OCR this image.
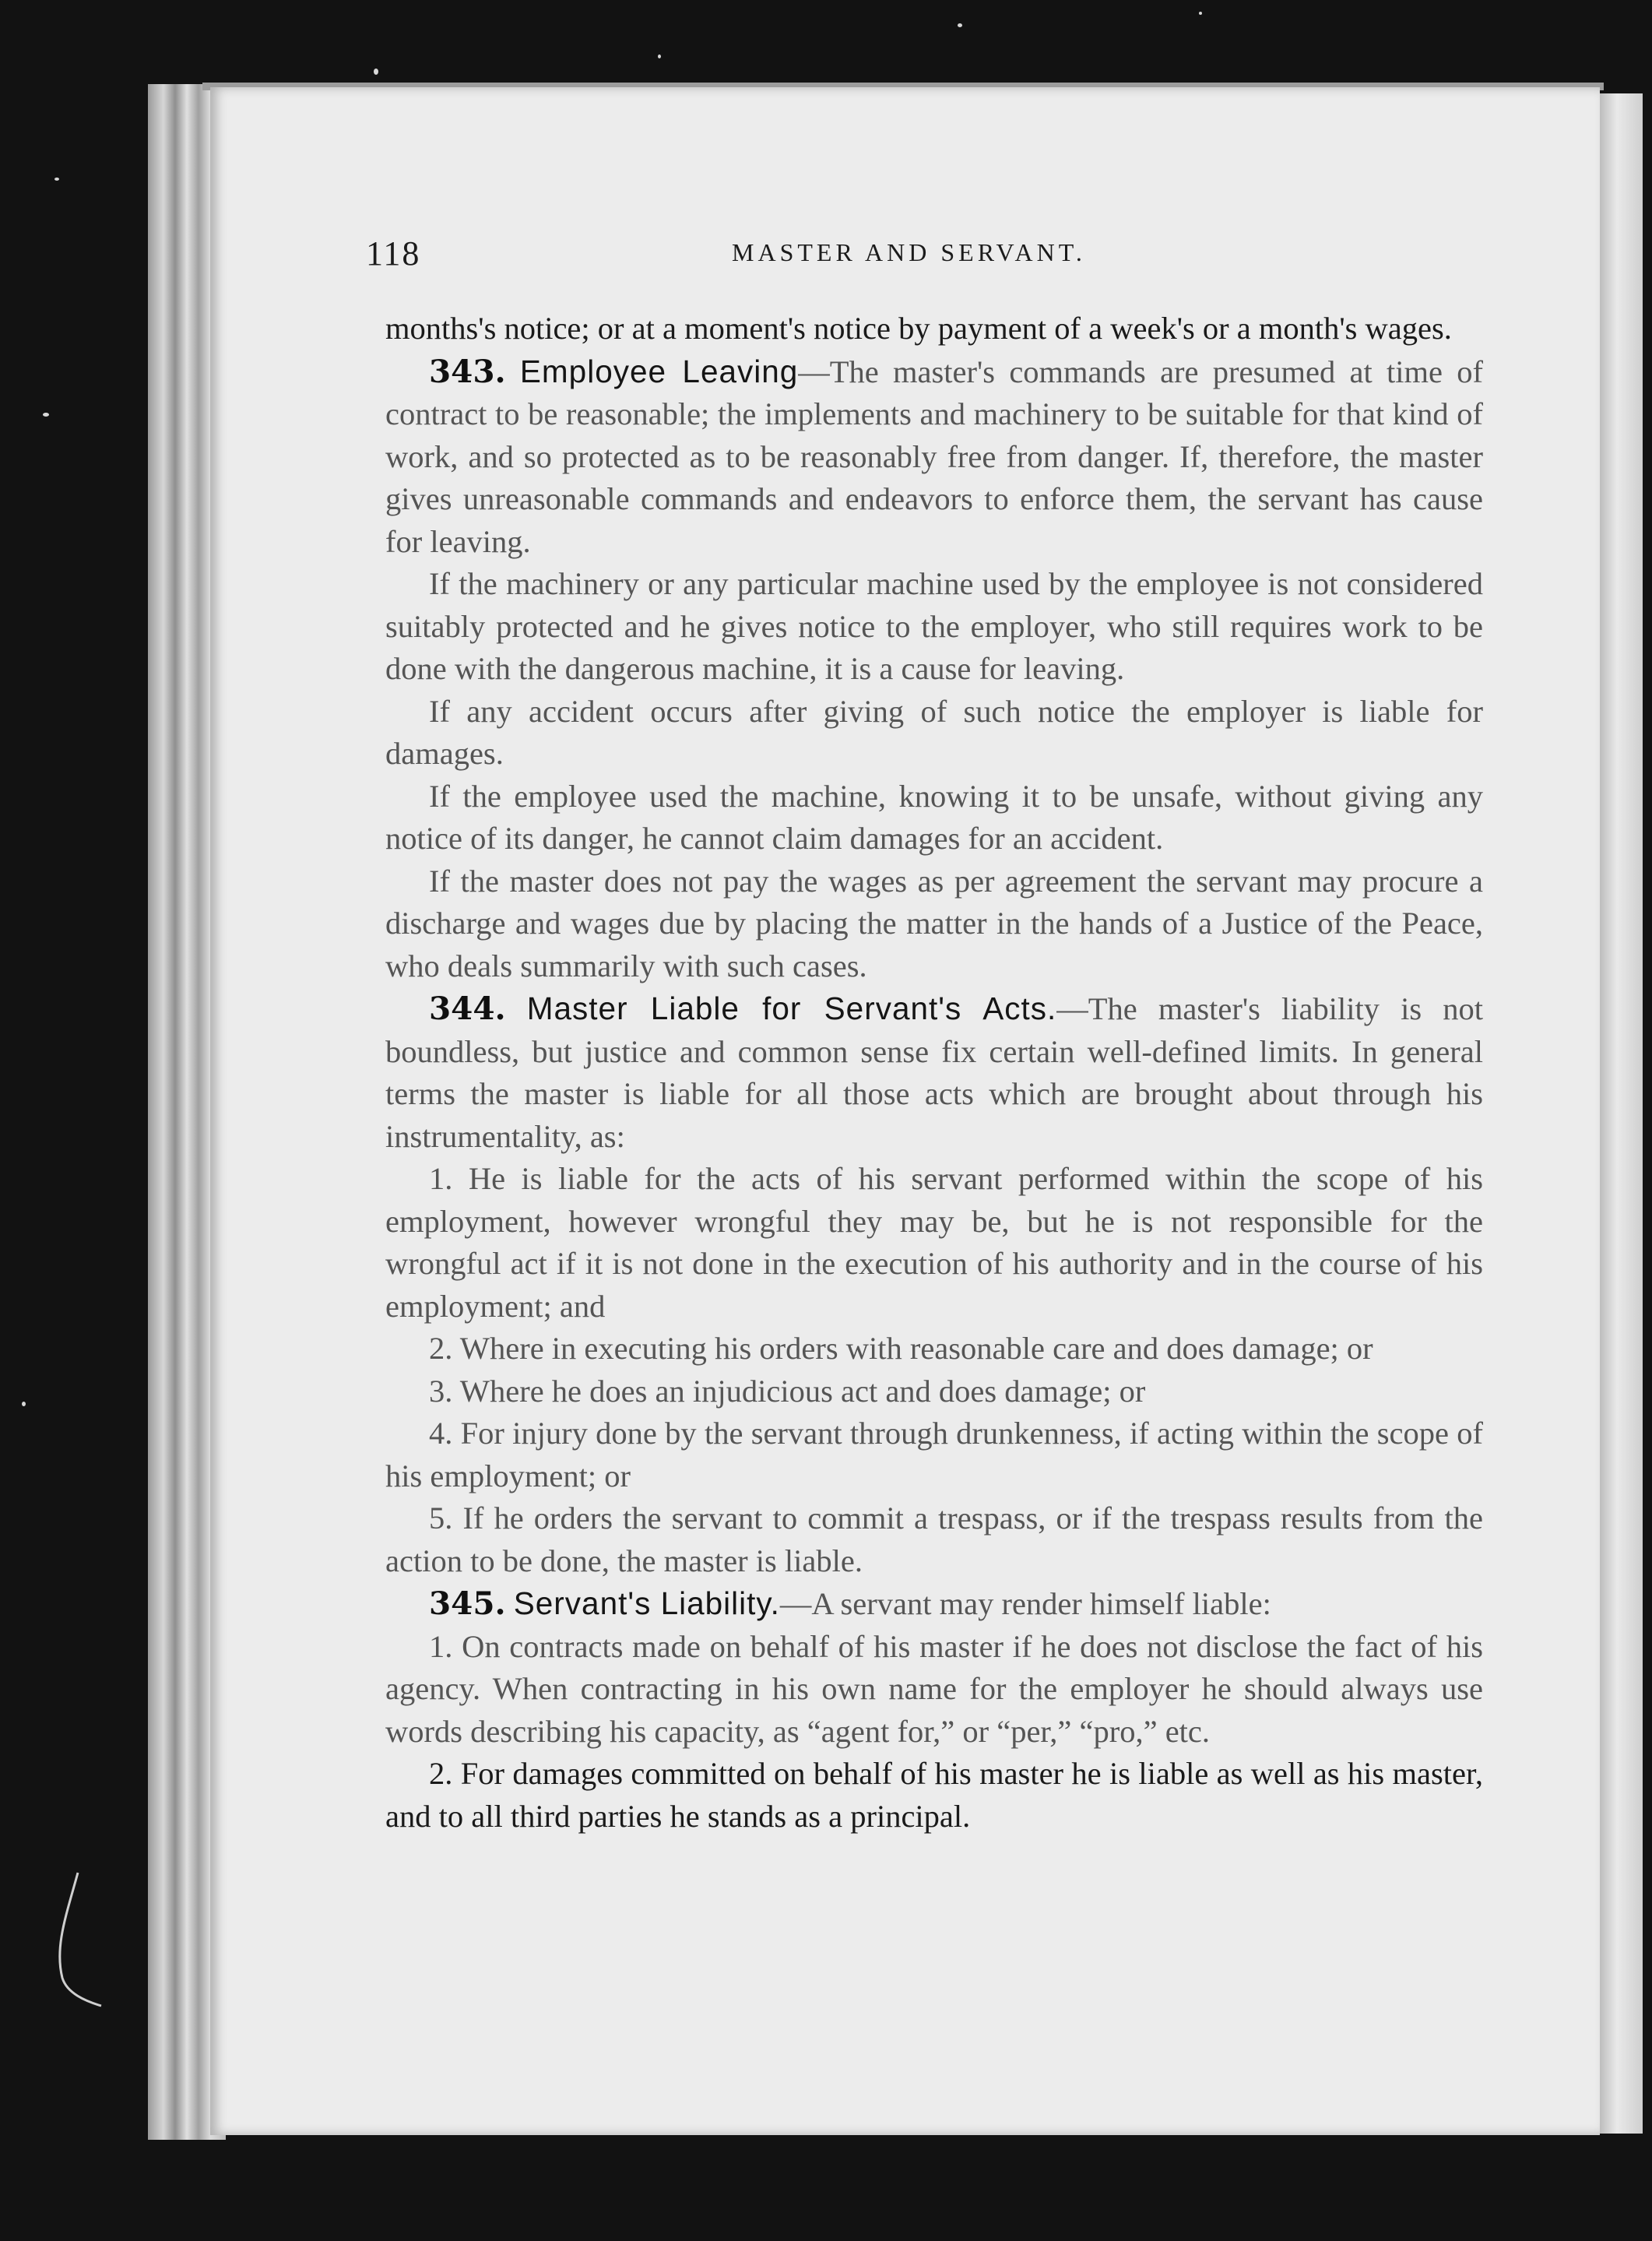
118	MASTER AND SERVANT.

months's notice; or at a moment's notice by payment of a week's or a month's wages.

343. Employee Leaving—The master's commands are presumed at time of contract to be reasonable; the implements and machinery to be suitable for that kind of work, and so protected as to be reasonably free from danger. If, therefore, the master gives unreasonable commands and endeavors to enforce them, the servant has cause for leaving.

If the machinery or any particular machine used by the employee is not considered suitably protected and he gives notice to the employer, who still requires work to be done with the dangerous machine, it is a cause for leaving.

If any accident occurs after giving of such notice the employer is liable for damages.

If the employee used the machine, knowing it to be unsafe, without giving any notice of its danger, he cannot claim damages for an accident.

If the master does not pay the wages as per agreement the servant may procure a discharge and wages due by placing the matter in the hands of a Justice of the Peace, who deals summarily with such cases.

344. Master Liable for Servant's Acts.—The master's liability is not boundless, but justice and common sense fix certain well-defined limits. In general terms the master is liable for all those acts which are brought about through his instrumentality, as:

1. He is liable for the acts of his servant performed within the scope of his employment, however wrongful they may be, but he is not responsible for the wrongful act if it is not done in the execution of his authority and in the course of his employment; and

2. Where in executing his orders with reasonable care and does damage; or

3. Where he does an injudicious act and does damage; or

4. For injury done by the servant through drunkenness, if acting within the scope of his employment; or

5. If he orders the servant to commit a trespass, or if the trespass results from the action to be done, the master is liable.

345. Servant's Liability.—A servant may render himself liable:

1. On contracts made on behalf of his master if he does not disclose the fact of his agency. When contracting in his own name for the employer he should always use words describing his capacity, as “agent for,” or “per,” “pro,” etc.

2. For damages committed on behalf of his master he is liable as well as his master, and to all third parties he stands as a principal.
